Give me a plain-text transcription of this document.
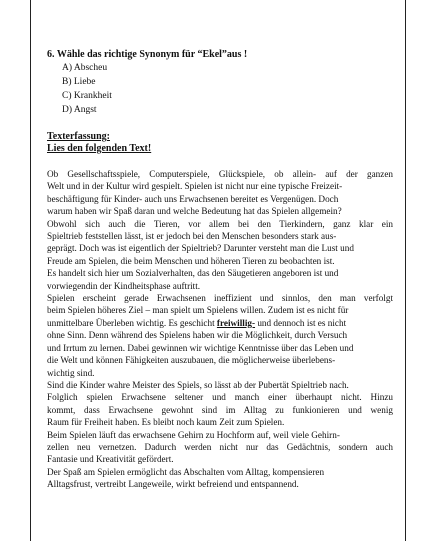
6. Wähle das richtige Synonym für “Ekel”aus !

A) Abscheu
B) Liebe
C) Krankheit
D) Angst

Texterfassung:

Lies den folgenden Text!

Ob Gesellschaftsspiele, Computerspiele, Glückspiele, ob allein- auf der ganzen

Welt und in der Kultur wird gespielt. Spielen ist nicht nur eine typische Freizeit-

beschäftigung für Kinder- auch uns Erwachsenen bereitet es Vergenügen. Doch

warum haben wir Spaß daran und welche Bedeutung hat das Spielen allgemein?

Obwohl sich auch die Tieren, vor allem bei den Tierkindern, ganz klar ein

Spieltrieb feststellen lässt, ist er jedoch bei den Menschen besonders stark aus-

geprägt. Doch was ist eigentlich der Spieltrieb? Darunter versteht man die Lust und

Freude am Spielen, die beim Menschen und höheren Tieren zu beobachten ist.

Es handelt sich hier um Sozialverhalten, das den Säugetieren angeboren ist und

vorwiegendin der Kindheitsphase auftritt.

Spielen erscheint gerade Erwachsenen ineffizient und sinnlos, den man verfolgt

beim Spielen höheres Ziel – man spielt um Spielens willen. Zudem ist es nicht für

unmittelbare Überleben wichtig. Es geschicht freiwillig- und dennoch ist es nicht

ohne Sinn. Denn während des Spielens haben wir die Möglichkeit, durch Versuch

und Irrtum zu lernen. Dabei gewinnen wir wichtige Kenntnisse über das Leben und

die Welt und können Fähigkeiten auszubauen, die möglicherweise überlebens-

wichtig sind.

Sind die Kinder wahre Meister des Spiels, so lässt ab der Pubertät Spieltrieb nach.

Folglich spielen Erwachsene seltener und manch einer überhaupt nicht. Hinzu

kommt, dass Erwachsene gewohnt sind im Alltag zu funkionieren und wenig

Raum für Freiheit haben. Es bleibt noch kaum Zeit zum Spielen.

Beim Spielen läuft das erwachsene Gehirn zu Hochform auf, weil viele Gehirn-

zellen neu vernetzen. Dadurch werden nicht nur das Gedächtnis, sondern auch

Fantasie und Kreativität gefördert.

Der Spaß am Spielen ermöglicht das Abschalten vom Alltag, kompensieren

Alltagsfrust, vertreibt Langeweile, wirkt befreiend und entspannend.
